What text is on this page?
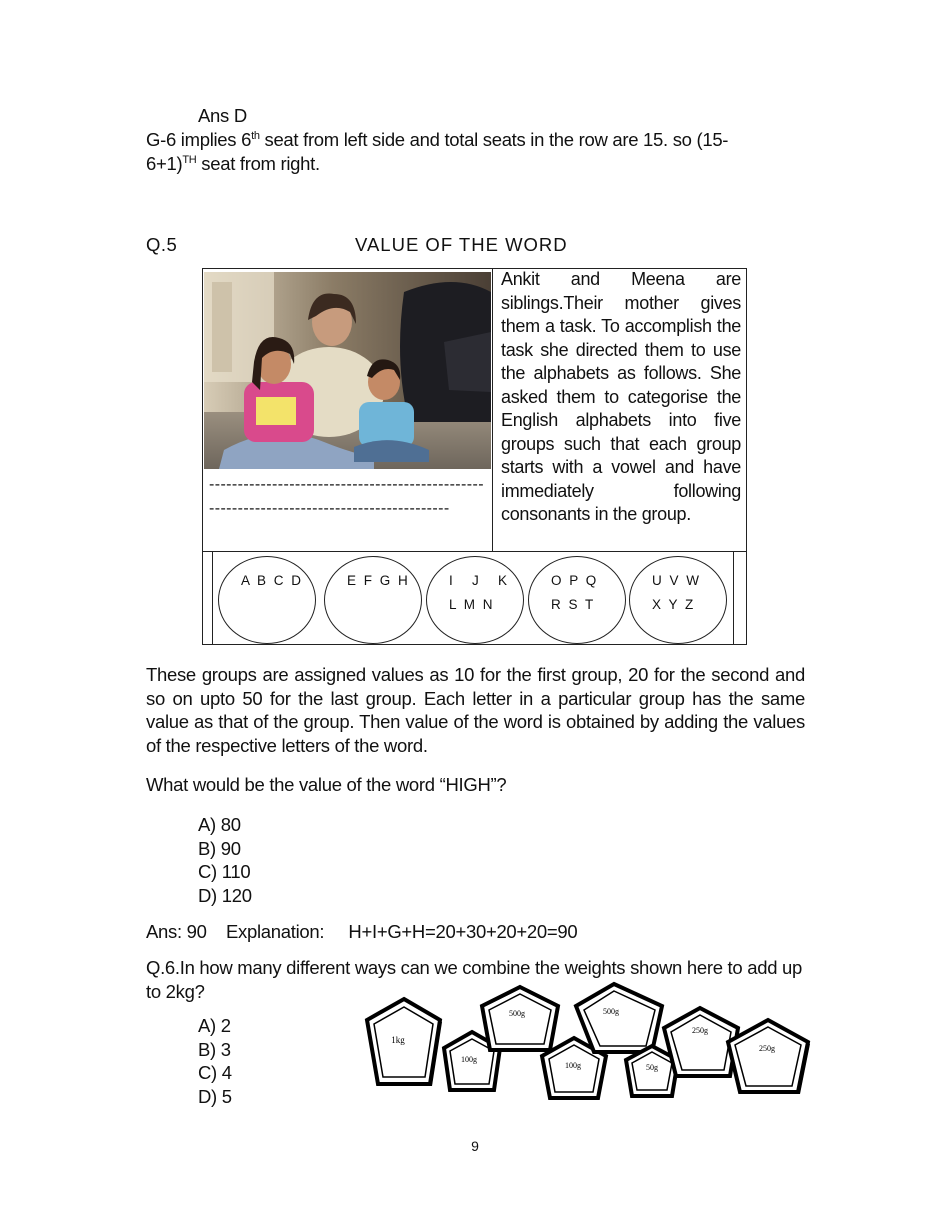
Ans D
G-6 implies 6th seat from left side and total seats in the row are 15. so $(15-6+1)^{TH}$ seat from right.
Q.5	VALUE OF THE WORD
------------------------------------------------------------------------------------------
Ankit and Meena are siblings.Their mother gives them a task. To accomplish the task she directed them to use the alphabets as follows. She asked them to categorise the English alphabets into five groups such that each group starts with a vowel and have immediately following consonants in the group.
A B C D	E F G H	I   J   K
L M N
O P Q
R S T
U V W
X Y Z
These groups are assigned values as 10 for the first group, 20 for the second and so on upto 50 for the last group. Each letter in a particular group has the same value as that of the group. Then value of the word is obtained by adding the values of the respective letters of the word.
What would be the value of the word “HIGH”?
A) 80
B) 90
C) 110
D) 120
Ans: 90    Explanation:     H+I+G+H=20+30+20+20=90
Q.6.In how many different ways can we combine the weights shown here to add up to 2kg?
A) 2
B) 3
C) 4
D) 5
1kg
100g
500g
100g
500g
50g
250g
250g
9
